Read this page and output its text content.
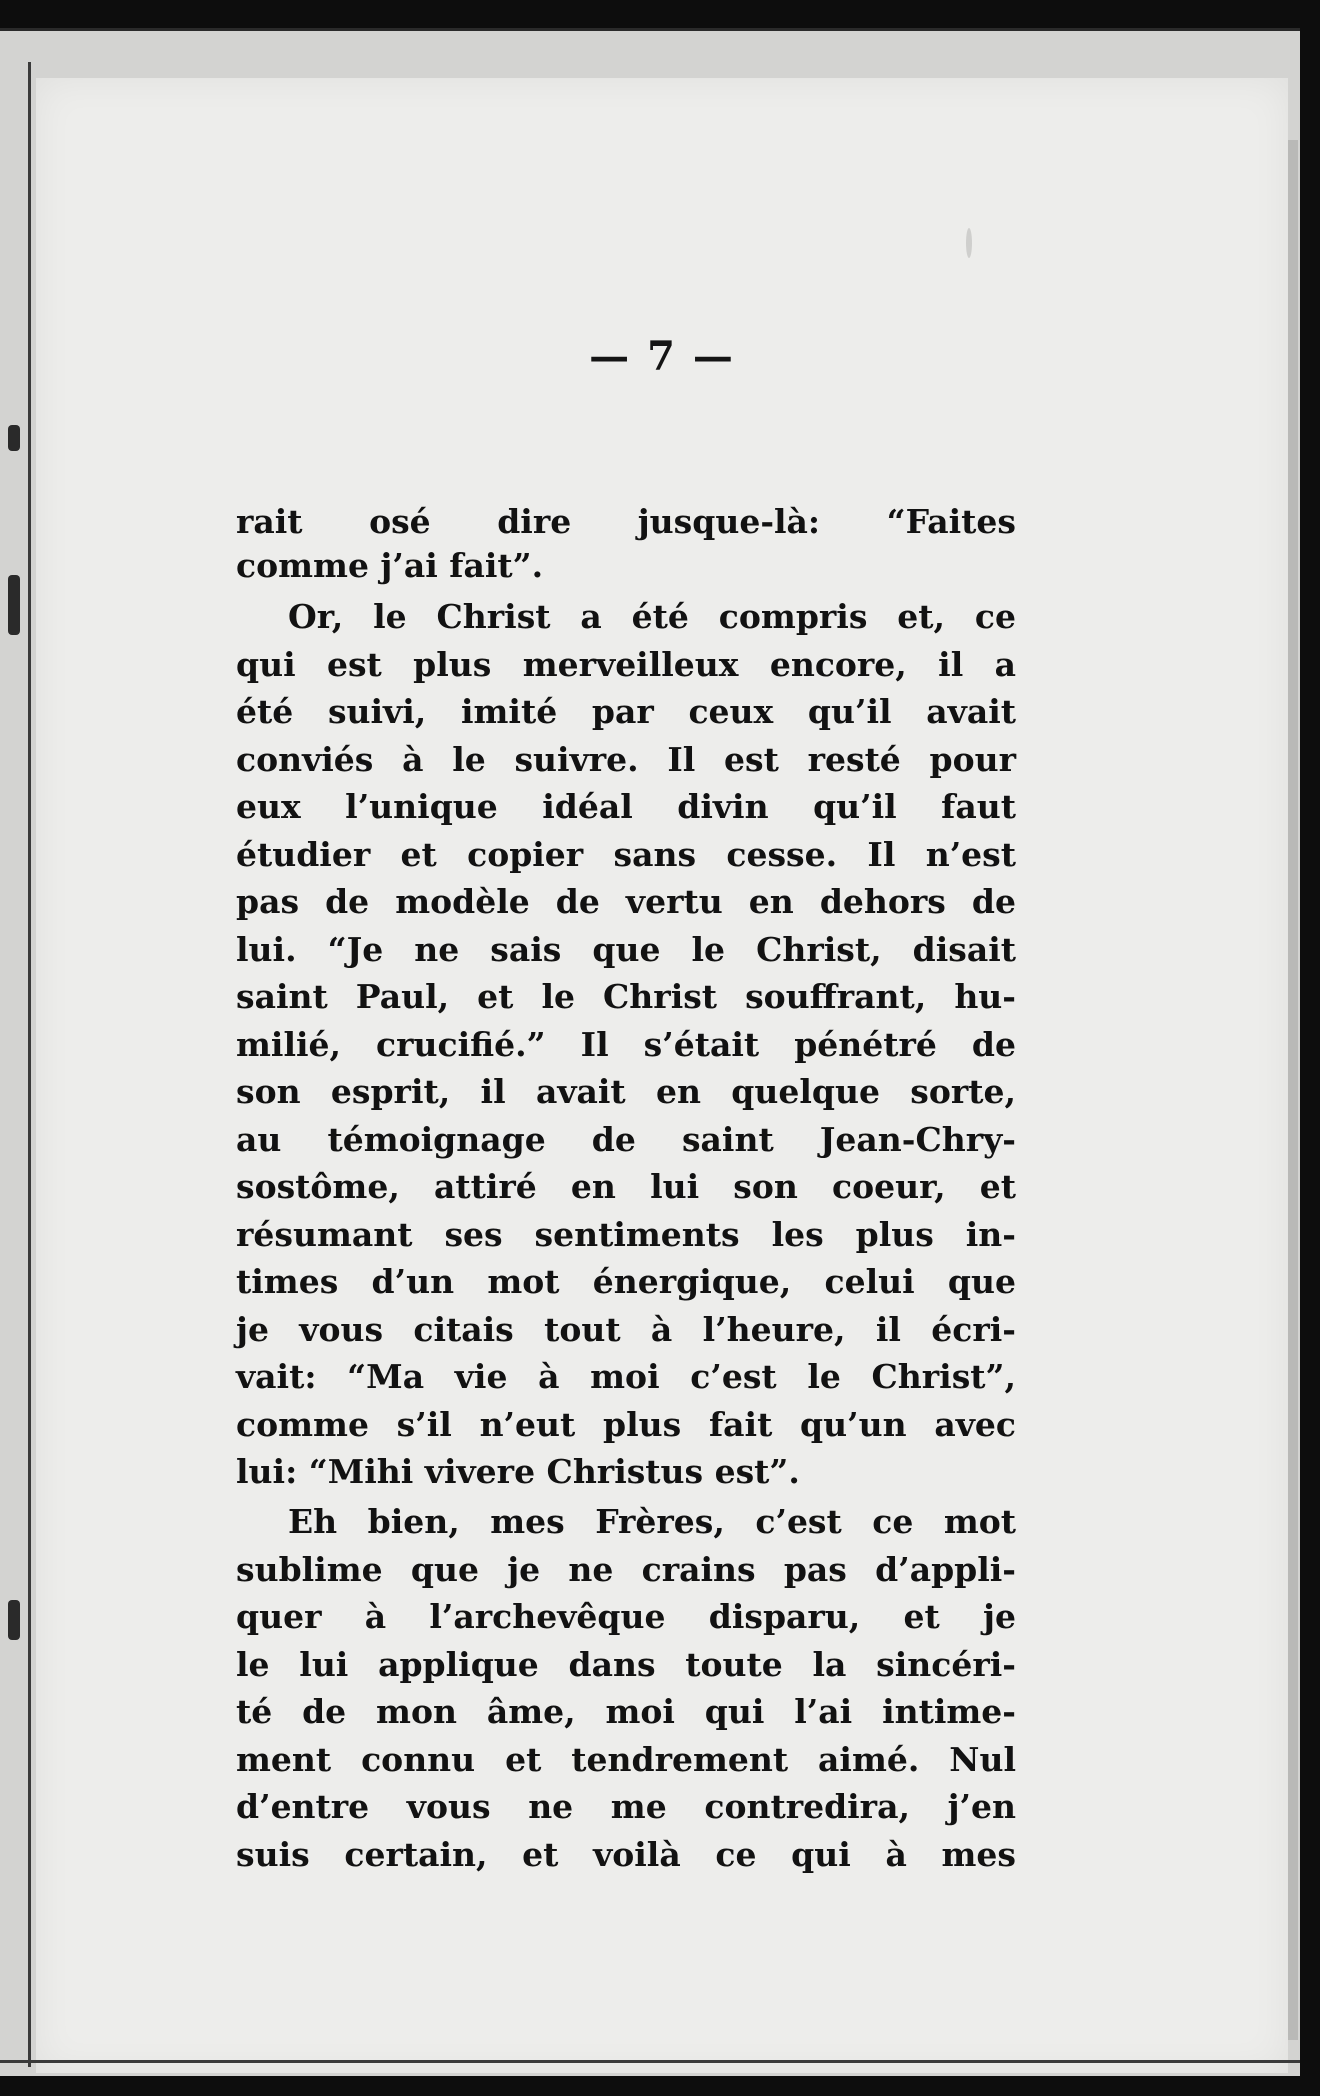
— 7 —
rait osé dire jusque-là: “Faites
comme j’ai fait”.
Or, le Christ a été compris et, ce
qui est plus merveilleux encore, il a
été suivi, imité par ceux qu’il avait
conviés à le suivre. Il est resté pour
eux l’unique idéal divin qu’il faut
étudier et copier sans cesse. Il n’est
pas de modèle de vertu en dehors de
lui. “Je ne sais que le Christ, disait
saint Paul, et le Christ souffrant, hu-
milié, crucifié.” Il s’était pénétré de
son esprit, il avait en quelque sorte,
au témoignage de saint Jean-Chry-
sostôme, attiré en lui son coeur, et
résumant ses sentiments les plus in-
times d’un mot énergique, celui que
je vous citais tout à l’heure, il écri-
vait: “Ma vie à moi c’est le Christ”,
comme s’il n’eut plus fait qu’un avec
lui: “Mihi vivere Christus est”.
Eh bien, mes Frères, c’est ce mot
sublime que je ne crains pas d’appli-
quer à l’archevêque disparu, et je
le lui applique dans toute la sincéri-
té de mon âme, moi qui l’ai intime-
ment connu et tendrement aimé. Nul
d’entre vous ne me contredira, j’en
suis certain, et voilà ce qui à mes
